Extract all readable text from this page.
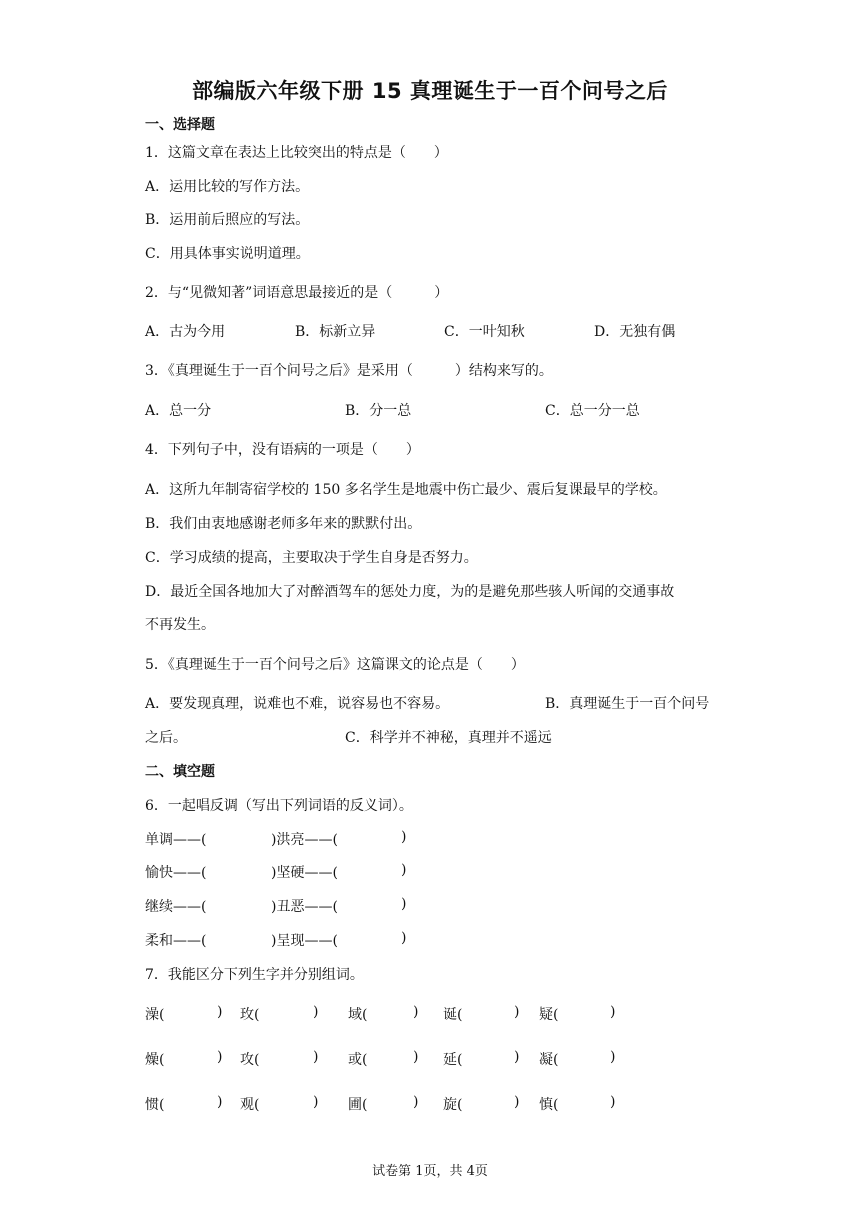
部编版六年级下册 15 真理诞生于一百个问号之后
一、选择题
1．这篇文章在表达上比较突出的特点是（　　）
A．运用比较的写作方法。
B．运用前后照应的写法。
C．用具体事实说明道理。
2．与“见微知著”词语意思最接近的是（　　　）
A．古为今用	B．标新立异	C．一叶知秋	D．无独有偶
3．《真理诞生于一百个问号之后》是采用（　　　）结构来写的。
A．总一分	B．分一总	C．总一分一总
4．下列句子中，没有语病的一项是（　　）
A．这所九年制寄宿学校的 150 多名学生是地震中伤亡最少、震后复课最早的学校。
B．我们由衷地感谢老师多年来的默默付出。
C．学习成绩的提高，主要取决于学生自身是否努力。
D．最近全国各地加大了对醉酒驾车的惩处力度，为的是避免那些骇人听闻的交通事故
不再发生。
5．《真理诞生于一百个问号之后》这篇课文的论点是（　　）
A．要发现真理，说难也不难，说容易也不容易。	B．真理诞生于一百个问号
之后。	C．科学并不神秘，真理并不遥远
二、填空题
6．一起唱反调（写出下列词语的反义词）。
单调——(	)洪亮——(	)
愉快——(	)坚硬——(	)
继续——(	)丑恶——(	)
柔和——(	)呈现——(	)
7．我能区分下列生字并分别组词。
澡(	) 玫(	) 域(	) 诞(	) 疑(	)
燥(	) 攻(	) 或(	) 延(	) 凝(	)
惯(	) 观(	) 圃(	) 旋(	) 慎(	)
试卷第 1页，共 4页
